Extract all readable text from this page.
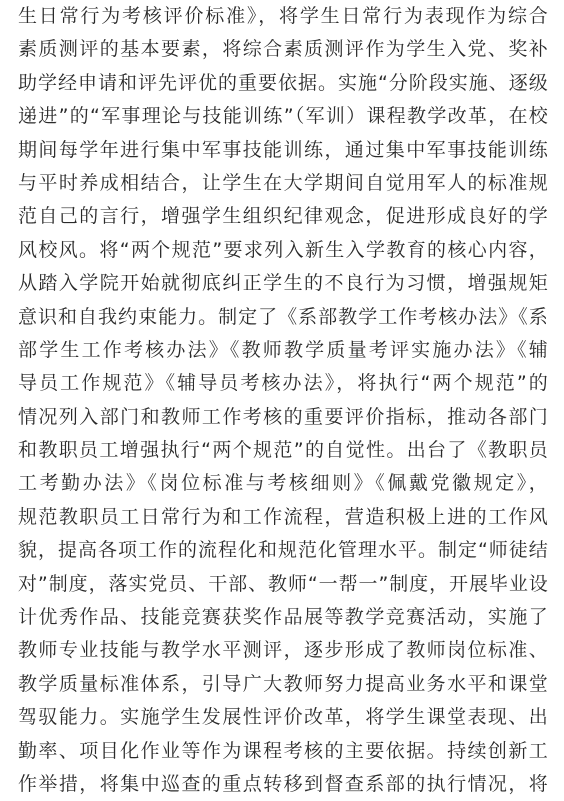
生日常行为考核评价标准》，将学生日常行为表现作为综合
素质测评的基本要素，将综合素质测评作为学生入党、奖补
助学经申请和评先评优的重要依据。实施“分阶段实施、逐级
递进”的“军事理论与技能训练”（军训）课程教学改革，在校
期间每学年进行集中军事技能训练，通过集中军事技能训练
与平时养成相结合，让学生在大学期间自觉用军人的标准规
范自己的言行，增强学生组织纪律观念，促进形成良好的学
风校风。将“两个规范”要求列入新生入学教育的核心内容，
从踏入学院开始就彻底纠正学生的不良行为习惯，增强规矩
意识和自我约束能力。制定了《系部教学工作考核办法》《系
部学生工作考核办法》《教师教学质量考评实施办法》《辅
导员工作规范》《辅导员考核办法》，将执行“两个规范”的
情况列入部门和教师工作考核的重要评价指标，推动各部门
和教职员工增强执行“两个规范”的自觉性。出台了《教职员
工考勤办法》《岗位标准与考核细则》《佩戴党徽规定》，
规范教职员工日常行为和工作流程，营造积极上进的工作风
貌，提高各项工作的流程化和规范化管理水平。制定“师徒结
对”制度，落实党员、干部、教师“一帮一”制度，开展毕业设
计优秀作品、技能竞赛获奖作品展等教学竞赛活动，实施了
教师专业技能与教学水平测评，逐步形成了教师岗位标准、
教学质量标准体系，引导广大教师努力提高业务水平和课堂
驾驭能力。实施学生发展性评价改革，将学生课堂表现、出
勤率、项目化作业等作为课程考核的主要依据。持续创新工
作举措，将集中巡查的重点转移到督查系部的执行情况，将
